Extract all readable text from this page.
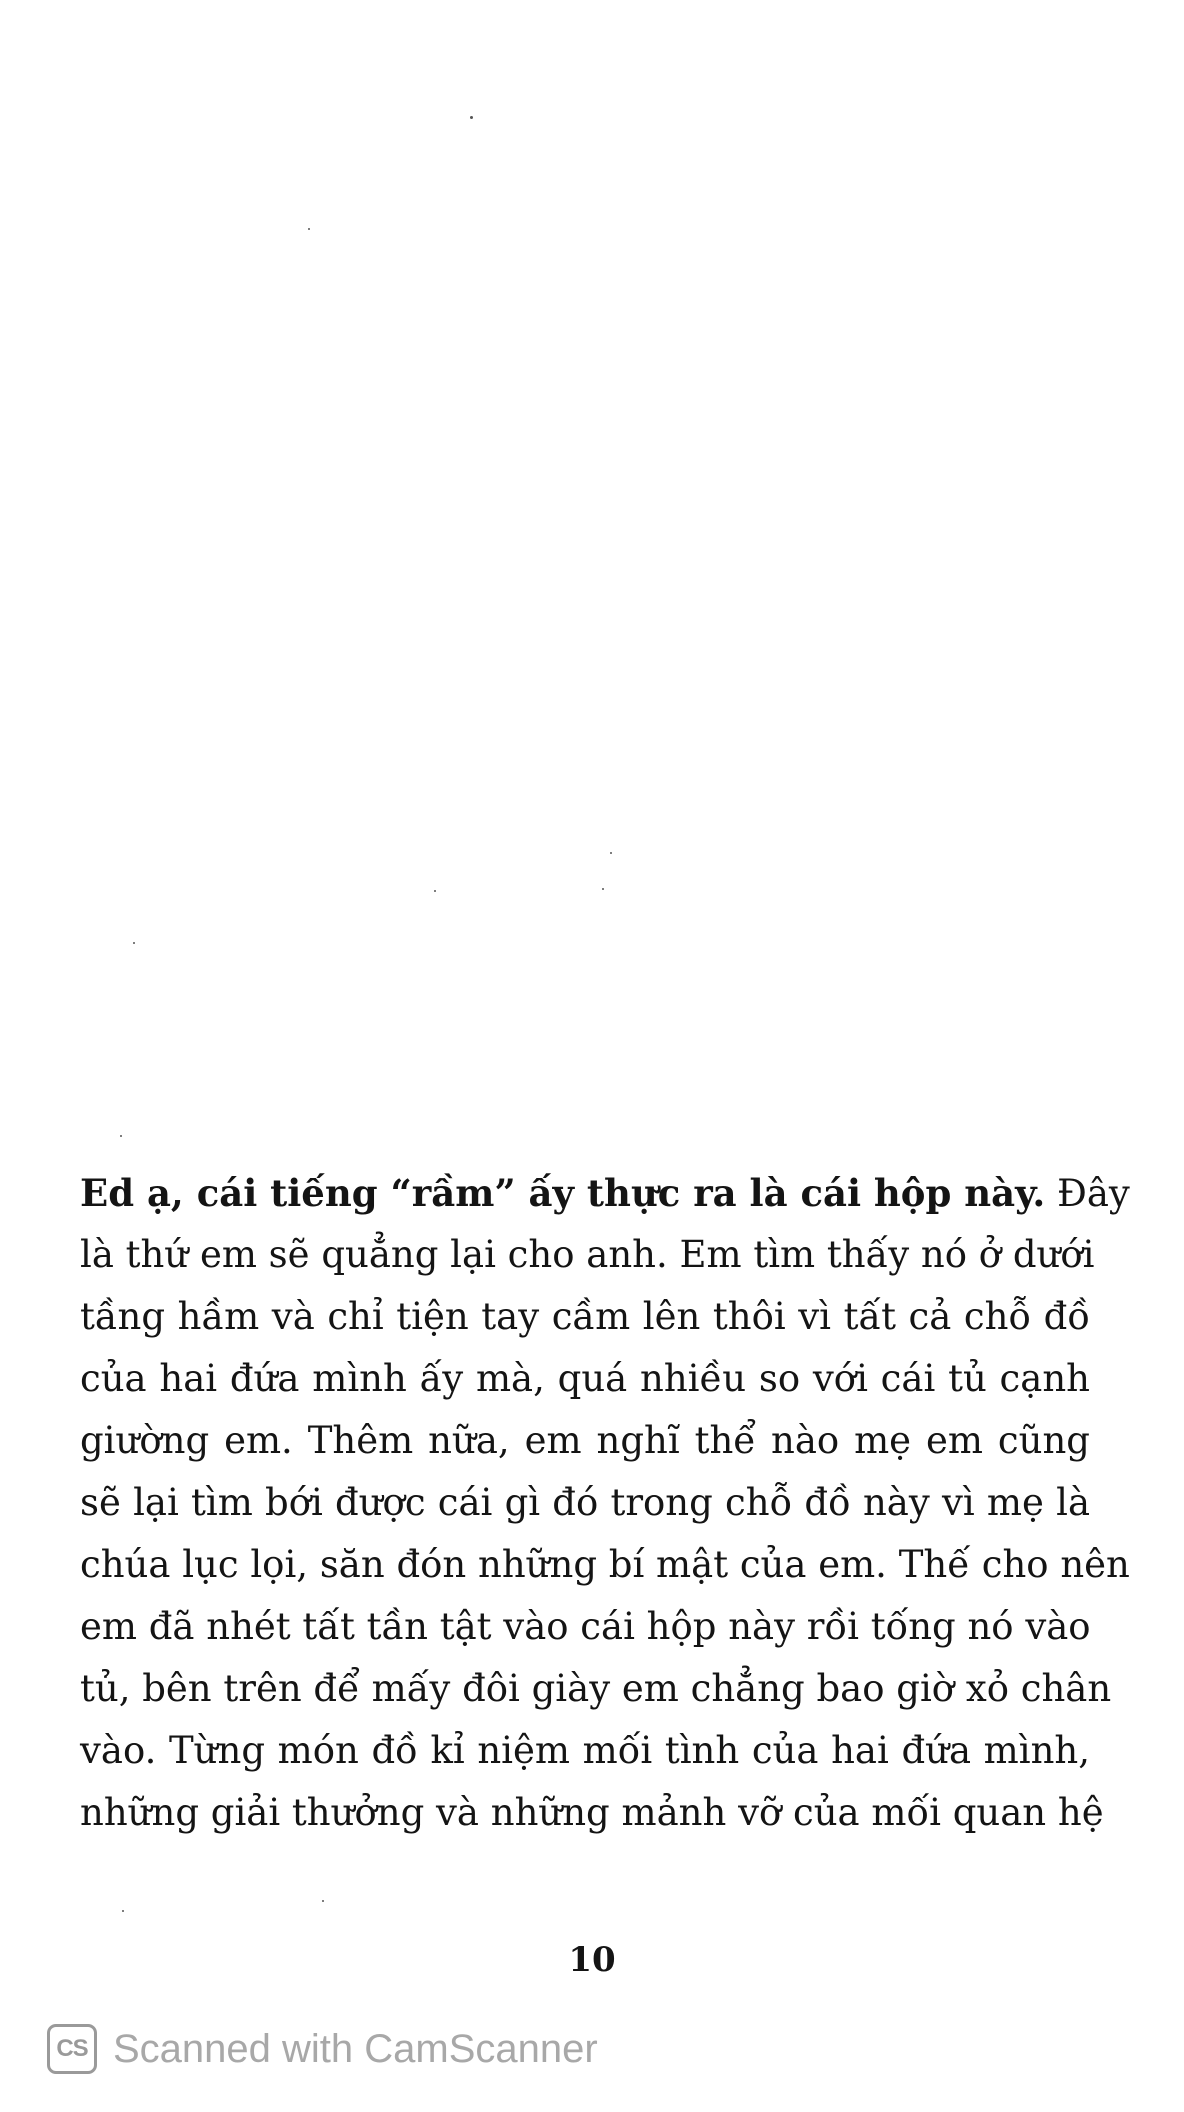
Ed ạ, cái tiếng “rầm” ấy thực ra là cái hộp này. Đây
là thứ em sẽ quẳng lại cho anh. Em tìm thấy nó ở dưới
tầng hầm và chỉ tiện tay cầm lên thôi vì tất cả chỗ đồ
của hai đứa mình ấy mà, quá nhiều so với cái tủ cạnh
giường em. Thêm nữa, em nghĩ thể nào mẹ em cũng
sẽ lại tìm bới được cái gì đó trong chỗ đồ này vì mẹ là
chúa lục lọi, săn đón những bí mật của em. Thế cho nên
em đã nhét tất tần tật vào cái hộp này rồi tống nó vào
tủ, bên trên để mấy đôi giày em chẳng bao giờ xỏ chân
vào. Từng món đồ kỉ niệm mối tình của hai đứa mình,
những giải thưởng và những mảnh vỡ của mối quan hệ
10
CS Scanned with CamScanner
